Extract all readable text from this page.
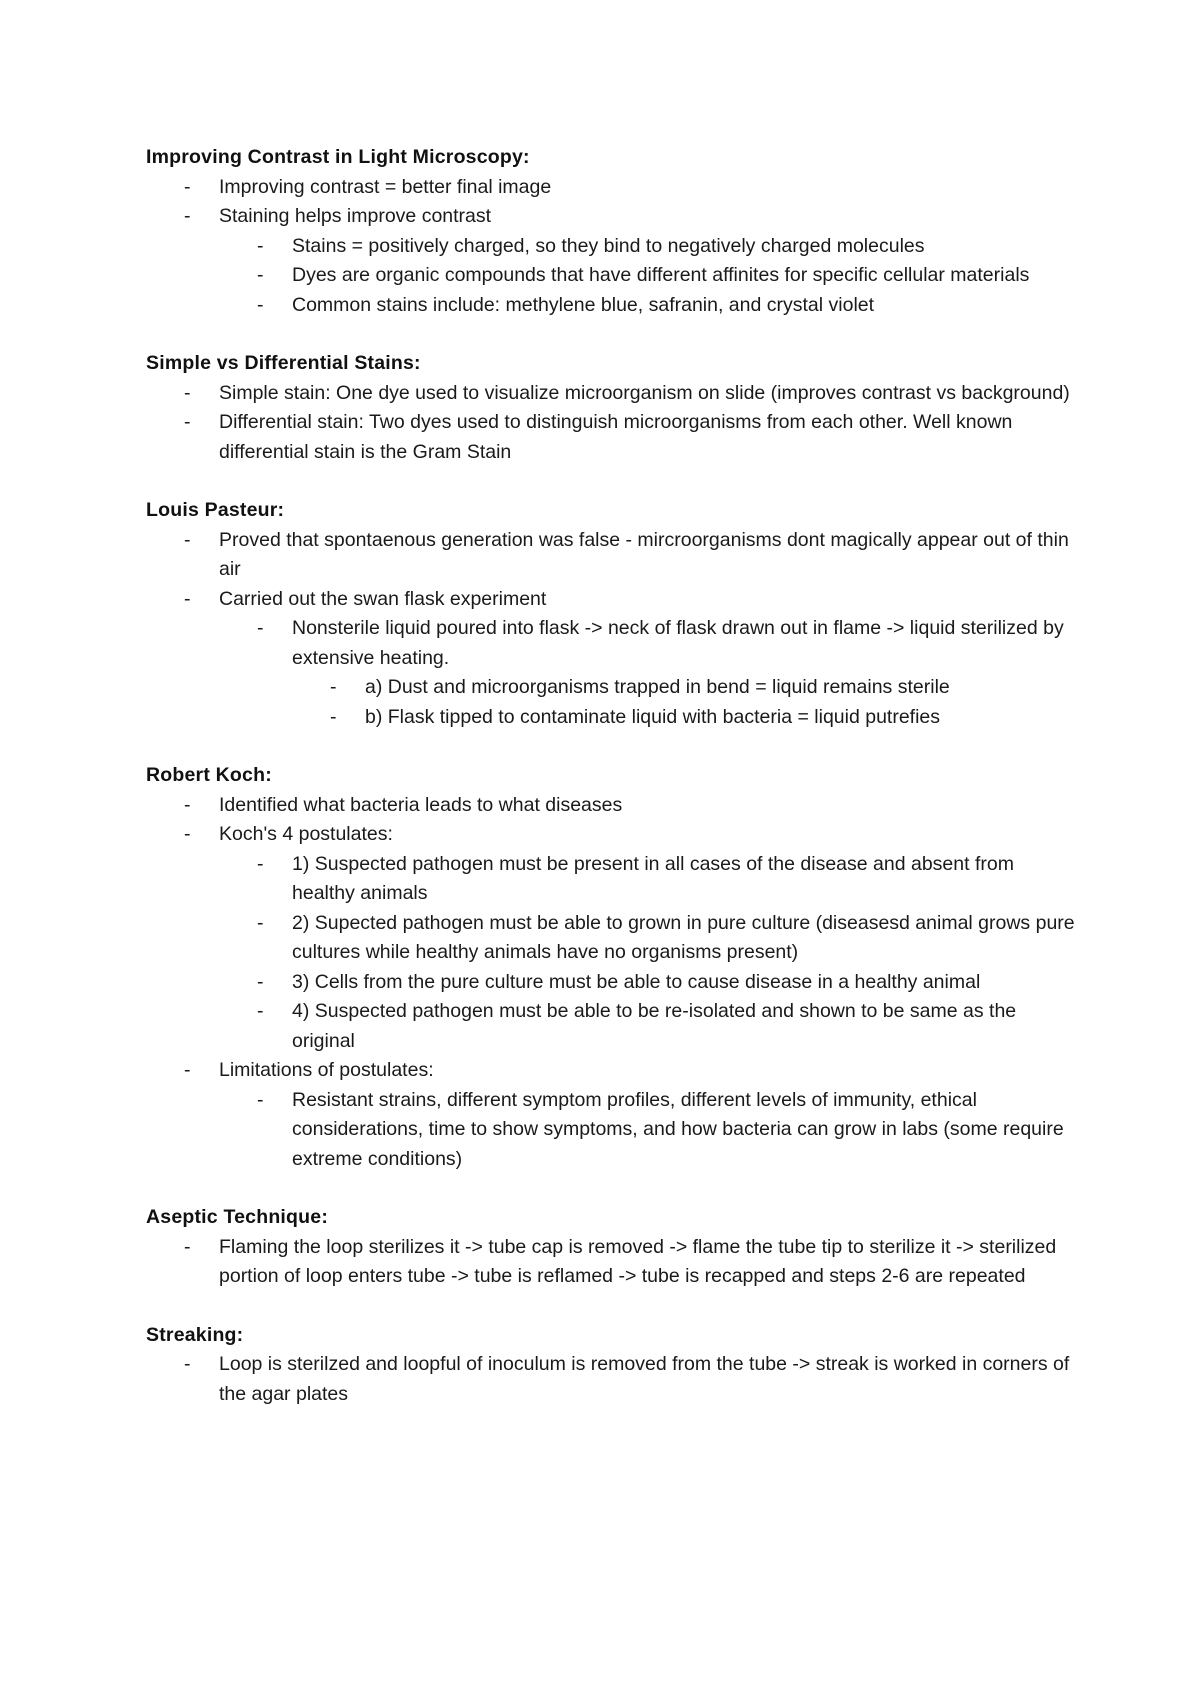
Improving Contrast in Light Microscopy:
- Improving contrast = better final image
- Staining helps improve contrast
- Stains = positively charged, so they bind to negatively charged molecules
- Dyes are organic compounds that have different affinites for specific cellular materials
- Common stains include: methylene blue, safranin, and crystal violet
Simple vs Differential Stains:
- Simple stain: One dye used to visualize microorganism on slide (improves contrast vs background)
- Differential stain: Two dyes used to distinguish microorganisms from each other. Well known differential stain is the Gram Stain
Louis Pasteur:
- Proved that spontaenous generation was false - mircroorganisms dont magically appear out of thin air
- Carried out the swan flask experiment
- Nonsterile liquid poured into flask -> neck of flask drawn out in flame -> liquid sterilized by extensive heating.
- a) Dust and microorganisms trapped in bend = liquid remains sterile
- b) Flask tipped to contaminate liquid with bacteria = liquid putrefies
Robert Koch:
- Identified what bacteria leads to what diseases
- Koch's 4 postulates:
- 1) Suspected pathogen must be present in all cases of the disease and absent from healthy animals
- 2) Supected pathogen must be able to grown in pure culture (diseasesd animal grows pure cultures while healthy animals have no organisms present)
- 3) Cells from the pure culture must be able to cause disease in a healthy animal
- 4) Suspected pathogen must be able to be re-isolated and shown to be same as the original
- Limitations of postulates:
- Resistant strains, different symptom profiles, different levels of immunity, ethical considerations, time to show symptoms, and how bacteria can grow in labs (some require extreme conditions)
Aseptic Technique:
- Flaming the loop sterilizes it -> tube cap is removed -> flame the tube tip to sterilize it -> sterilized portion of loop enters tube -> tube is reflamed -> tube is recapped and steps 2-6 are repeated
Streaking:
- Loop is sterilzed and loopful of inoculum is removed from the tube -> streak is worked in corners of the agar plates
